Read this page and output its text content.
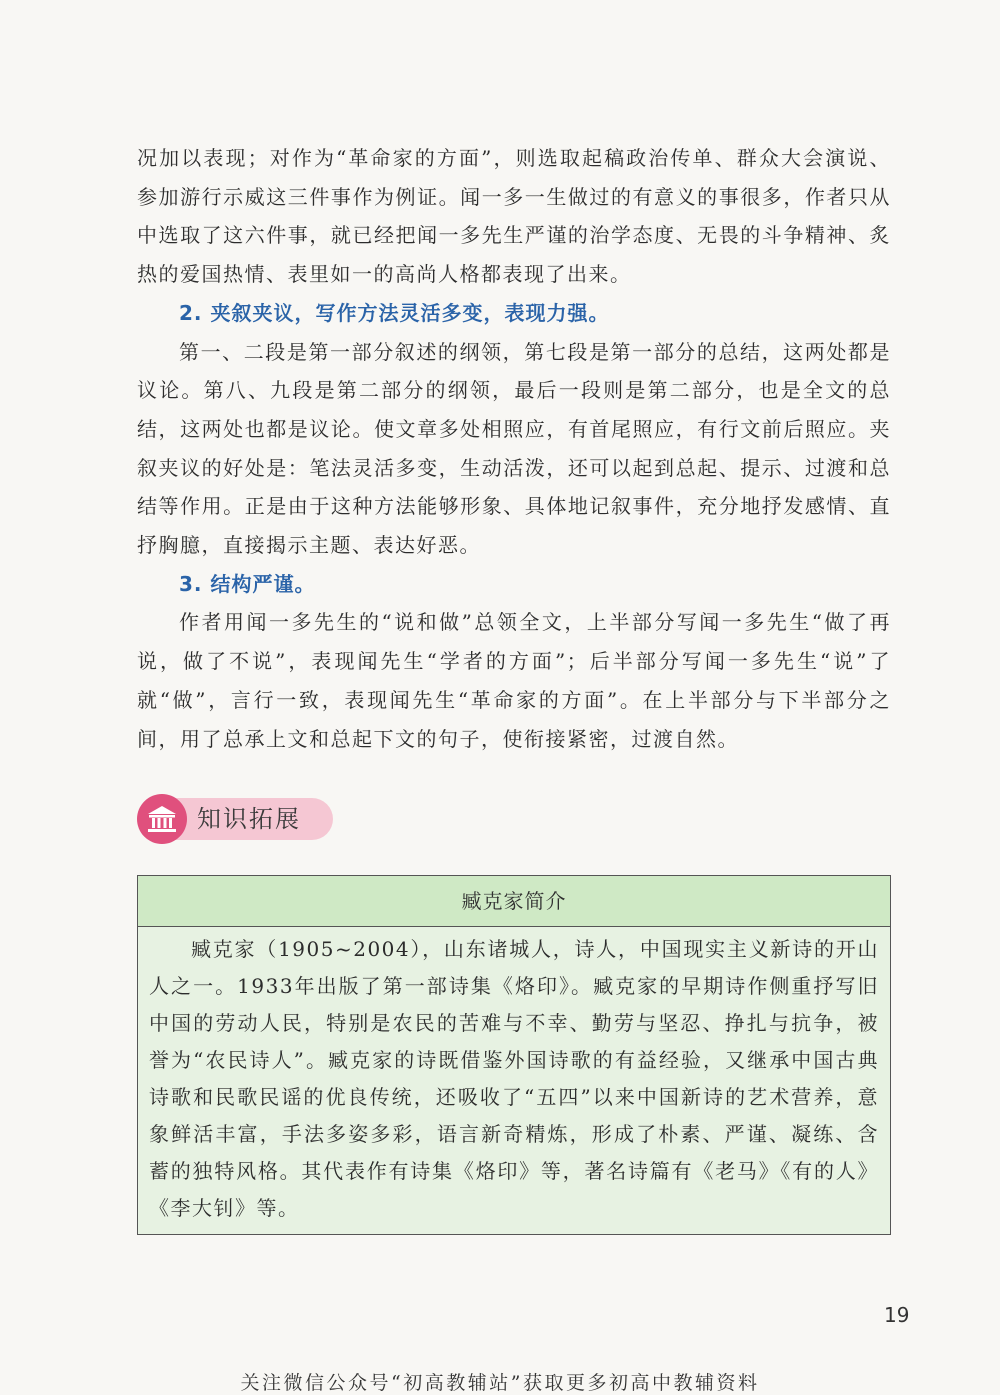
况加以表现；对作为“革命家的方面”，则选取起稿政治传单、群众大会演说、参加游行示威这三件事作为例证。闻一多一生做过的有意义的事很多，作者只从中选取了这六件事，就已经把闻一多先生严谨的治学态度、无畏的斗争精神、炙热的爱国热情、表里如一的高尚人格都表现了出来。

2. 夹叙夹议，写作方法灵活多变，表现力强。

第一、二段是第一部分叙述的纲领，第七段是第一部分的总结，这两处都是议论。第八、九段是第二部分的纲领，最后一段则是第二部分，也是全文的总结，这两处也都是议论。使文章多处相照应，有首尾照应，有行文前后照应。夹叙夹议的好处是：笔法灵活多变，生动活泼，还可以起到总起、提示、过渡和总结等作用。正是由于这种方法能够形象、具体地记叙事件，充分地抒发感情、直抒胸臆，直接揭示主题、表达好恶。

3. 结构严谨。

作者用闻一多先生的“说和做”总领全文，上半部分写闻一多先生“做了再说，做了不说”，表现闻先生“学者的方面”；后半部分写闻一多先生“说”了就“做”，言行一致，表现闻先生“革命家的方面”。在上半部分与下半部分之间，用了总承上文和总起下文的句子，使衔接紧密，过渡自然。

知识拓展
臧克家简介

臧克家（1905~2004），山东诸城人，诗人，中国现实主义新诗的开山人之一。1933年出版了第一部诗集《烙印》。臧克家的早期诗作侧重抒写旧中国的劳动人民，特别是农民的苦难与不幸、勤劳与坚忍、挣扎与抗争，被誉为“农民诗人”。臧克家的诗既借鉴外国诗歌的有益经验，又继承中国古典诗歌和民歌民谣的优良传统，还吸收了“五四”以来中国新诗的艺术营养，意象鲜活丰富，手法多姿多彩，语言新奇精炼，形成了朴素、严谨、凝练、含蓄的独特风格。其代表作有诗集《烙印》等，著名诗篇有《老马》《有的人》《李大钊》等。

19
关注微信公众号“初高教辅站”获取更多初高中教辅资料
